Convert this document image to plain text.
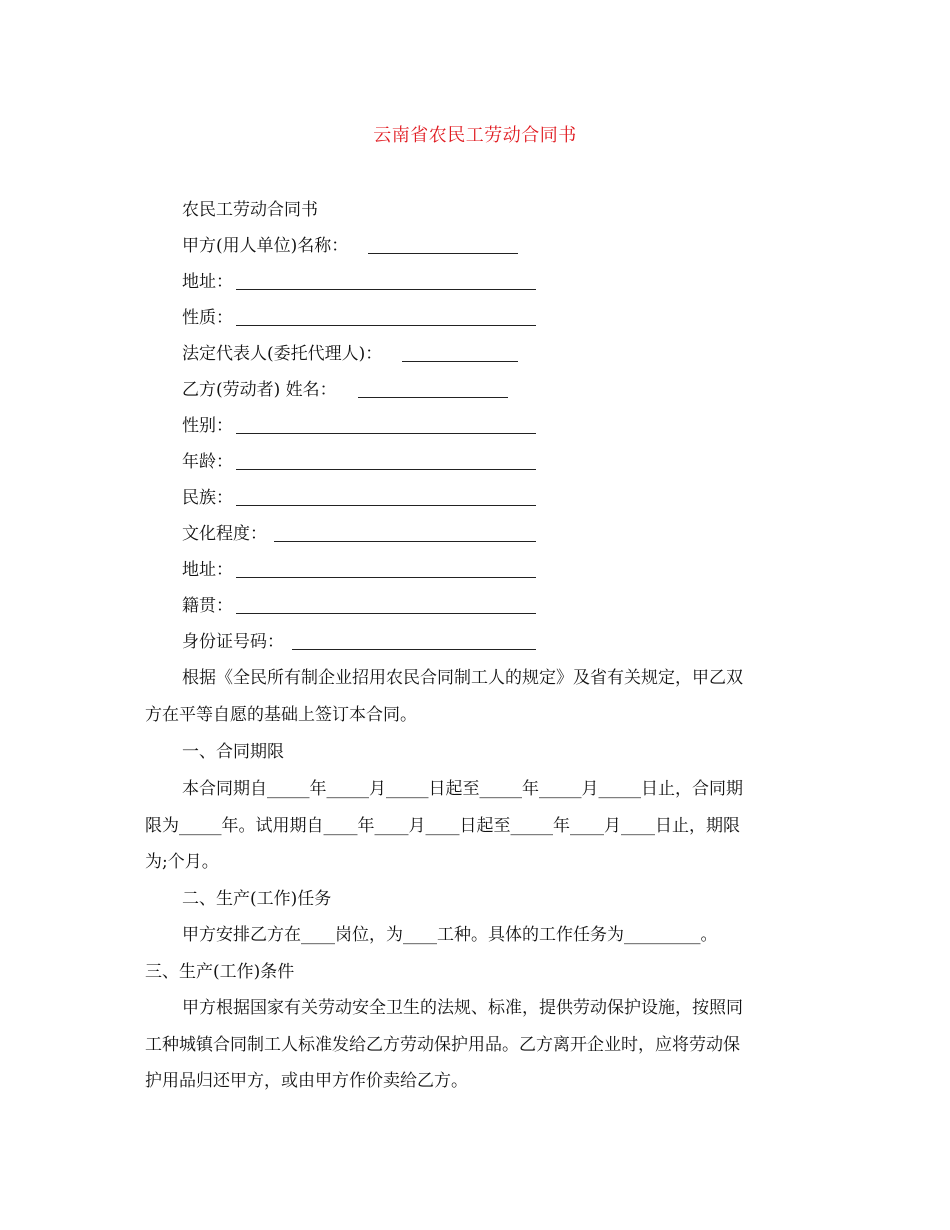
云南省农民工劳动合同书
农民工劳动合同书
甲方(用人单位)名称：
地址：
性质：
法定代表人(委托代理人)：
乙方(劳动者) 姓名：
性别：
年龄：
民族：
文化程度：
地址：
籍贯：
身份证号码：
根据《全民所有制企业招用农民合同制工人的规定》及省有关规定，甲乙双
方在平等自愿的基础上签订本合同。
一、合同期限
本合同期自_____年_____月_____日起至_____年_____月_____日止，合同期
限为_____年。试用期自____年____月____日起至_____年____月____日止，期限
为;个月。
二、生产(工作)任务
甲方安排乙方在____岗位，为____工种。具体的工作任务为_________。
三、生产(工作)条件
甲方根据国家有关劳动安全卫生的法规、标准，提供劳动保护设施，按照同
工种城镇合同制工人标准发给乙方劳动保护用品。乙方离开企业时，应将劳动保
护用品归还甲方，或由甲方作价卖给乙方。
